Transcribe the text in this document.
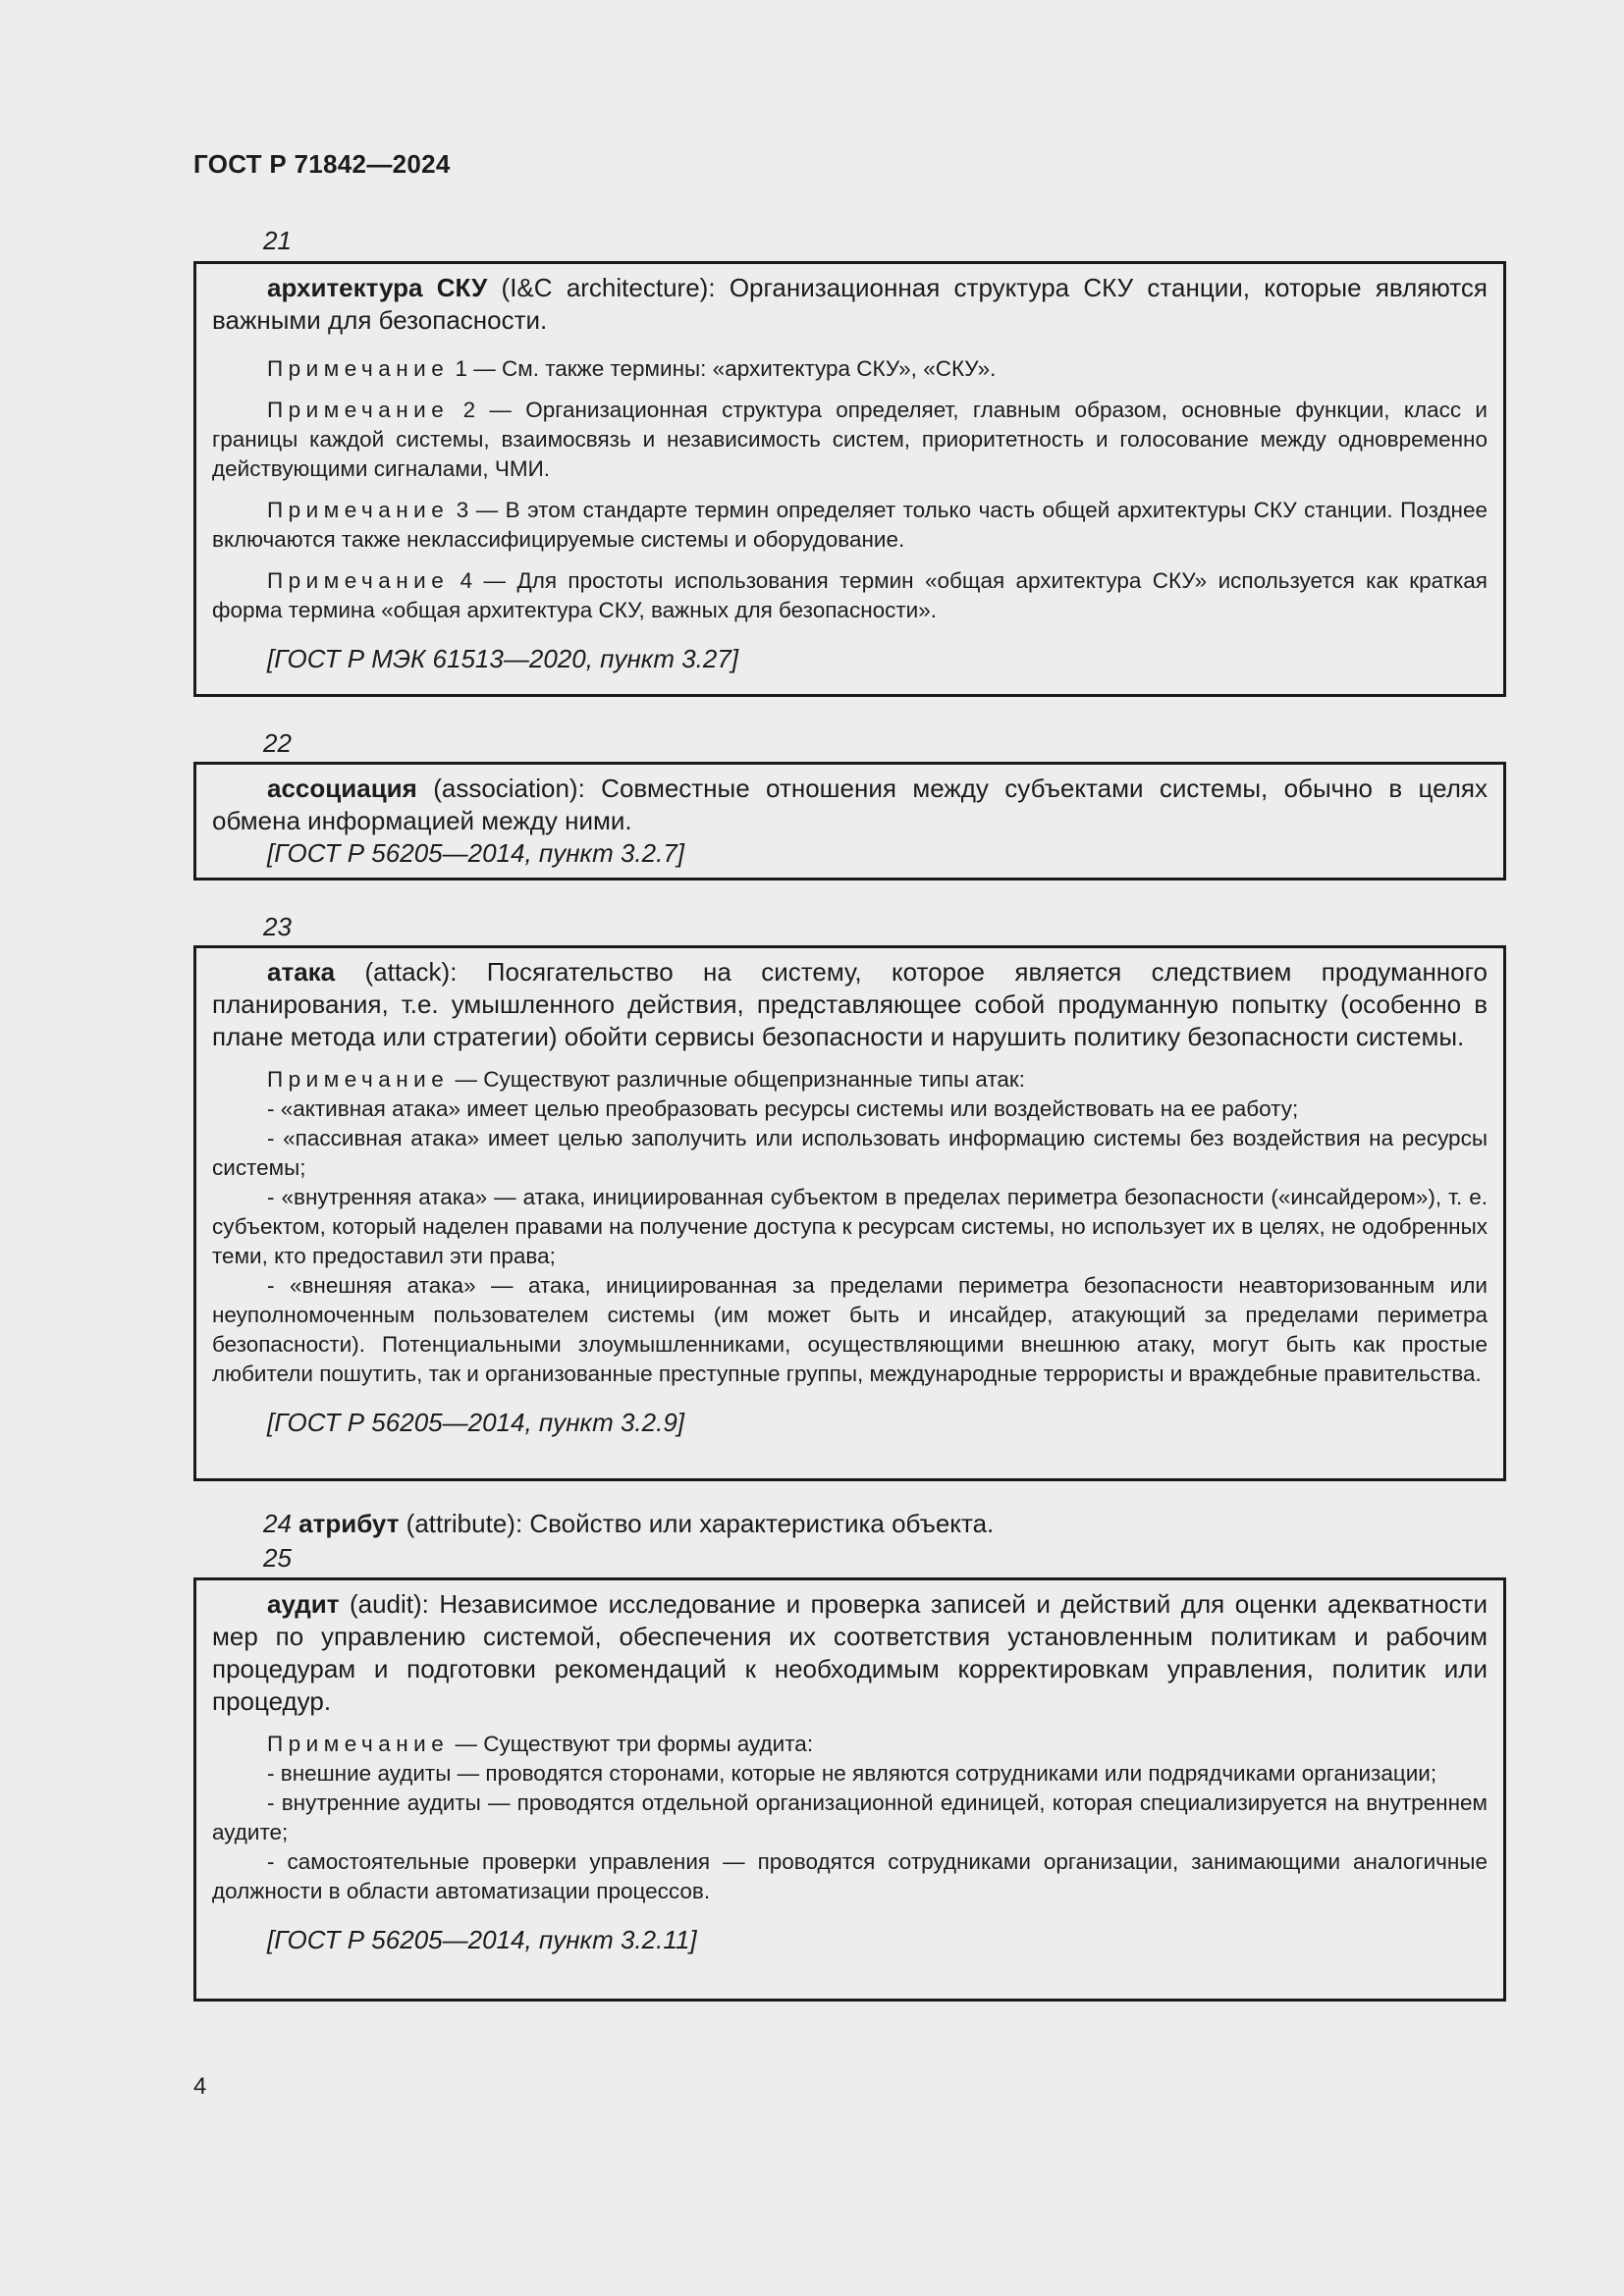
ГОСТ Р 71842—2024
21

архитектура СКУ (I&C architecture): Организационная структура СКУ станции, которые являются важными для безопасности.

Примечание 1 — См. также термины: «архитектура СКУ», «СКУ».

Примечание 2 — Организационная структура определяет, главным образом, основные функции, класс и границы каждой системы, взаимосвязь и независимость систем, приоритетность и голосование между одновременно действующими сигналами, ЧМИ.

Примечание 3 — В этом стандарте термин определяет только часть общей архитектуры СКУ станции. Позднее включаются также неклассифицируемые системы и оборудование.

Примечание 4 — Для простоты использования термин «общая архитектура СКУ» используется как краткая форма термина «общая архитектура СКУ, важных для безопасности».

[ГОСТ Р МЭК 61513—2020, пункт 3.27]

22

ассоциация (association): Совместные отношения между субъектами системы, обычно в целях обмена информацией между ними.

[ГОСТ Р 56205—2014, пункт 3.2.7]

23

атака (attack): Посягательство на систему, которое является следствием продуманного планирования, т.е. умышленного действия, представляющее собой продуманную попытку (особенно в плане метода или стратегии) обойти сервисы безопасности и нарушить политику безопасности системы.

Примечание — Существуют различные общепризнанные типы атак:

- «активная атака» имеет целью преобразовать ресурсы системы или воздействовать на ее работу;

- «пассивная атака» имеет целью заполучить или использовать информацию системы без воздействия на ресурсы системы;

- «внутренняя атака» — атака, инициированная субъектом в пределах периметра безопасности («инсайдером»), т. е. субъектом, который наделен правами на получение доступа к ресурсам системы, но использует их в целях, не одобренных теми, кто предоставил эти права;

- «внешняя атака» — атака, инициированная за пределами периметра безопасности неавторизованным или неуполномоченным пользователем системы (им может быть и инсайдер, атакующий за пределами периметра безопасности). Потенциальными злоумышленниками, осуществляющими внешнюю атаку, могут быть как простые любители пошутить, так и организованные преступные группы, международные террористы и враждебные правительства.

[ГОСТ Р 56205—2014, пункт 3.2.9]

24 атрибут (attribute): Свойство или характеристика объекта.
25

аудит (audit): Независимое исследование и проверка записей и действий для оценки адекватности мер по управлению системой, обеспечения их соответствия установленным политикам и рабочим процедурам и подготовки рекомендаций к необходимым корректировкам управления, политик или процедур.

Примечание — Существуют три формы аудита:

- внешние аудиты — проводятся сторонами, которые не являются сотрудниками или подрядчиками организации;

- внутренние аудиты — проводятся отдельной организационной единицей, которая специализируется на внутреннем аудите;

- самостоятельные проверки управления — проводятся сотрудниками организации, занимающими аналогичные должности в области автоматизации процессов.

[ГОСТ Р 56205—2014, пункт 3.2.11]

4
